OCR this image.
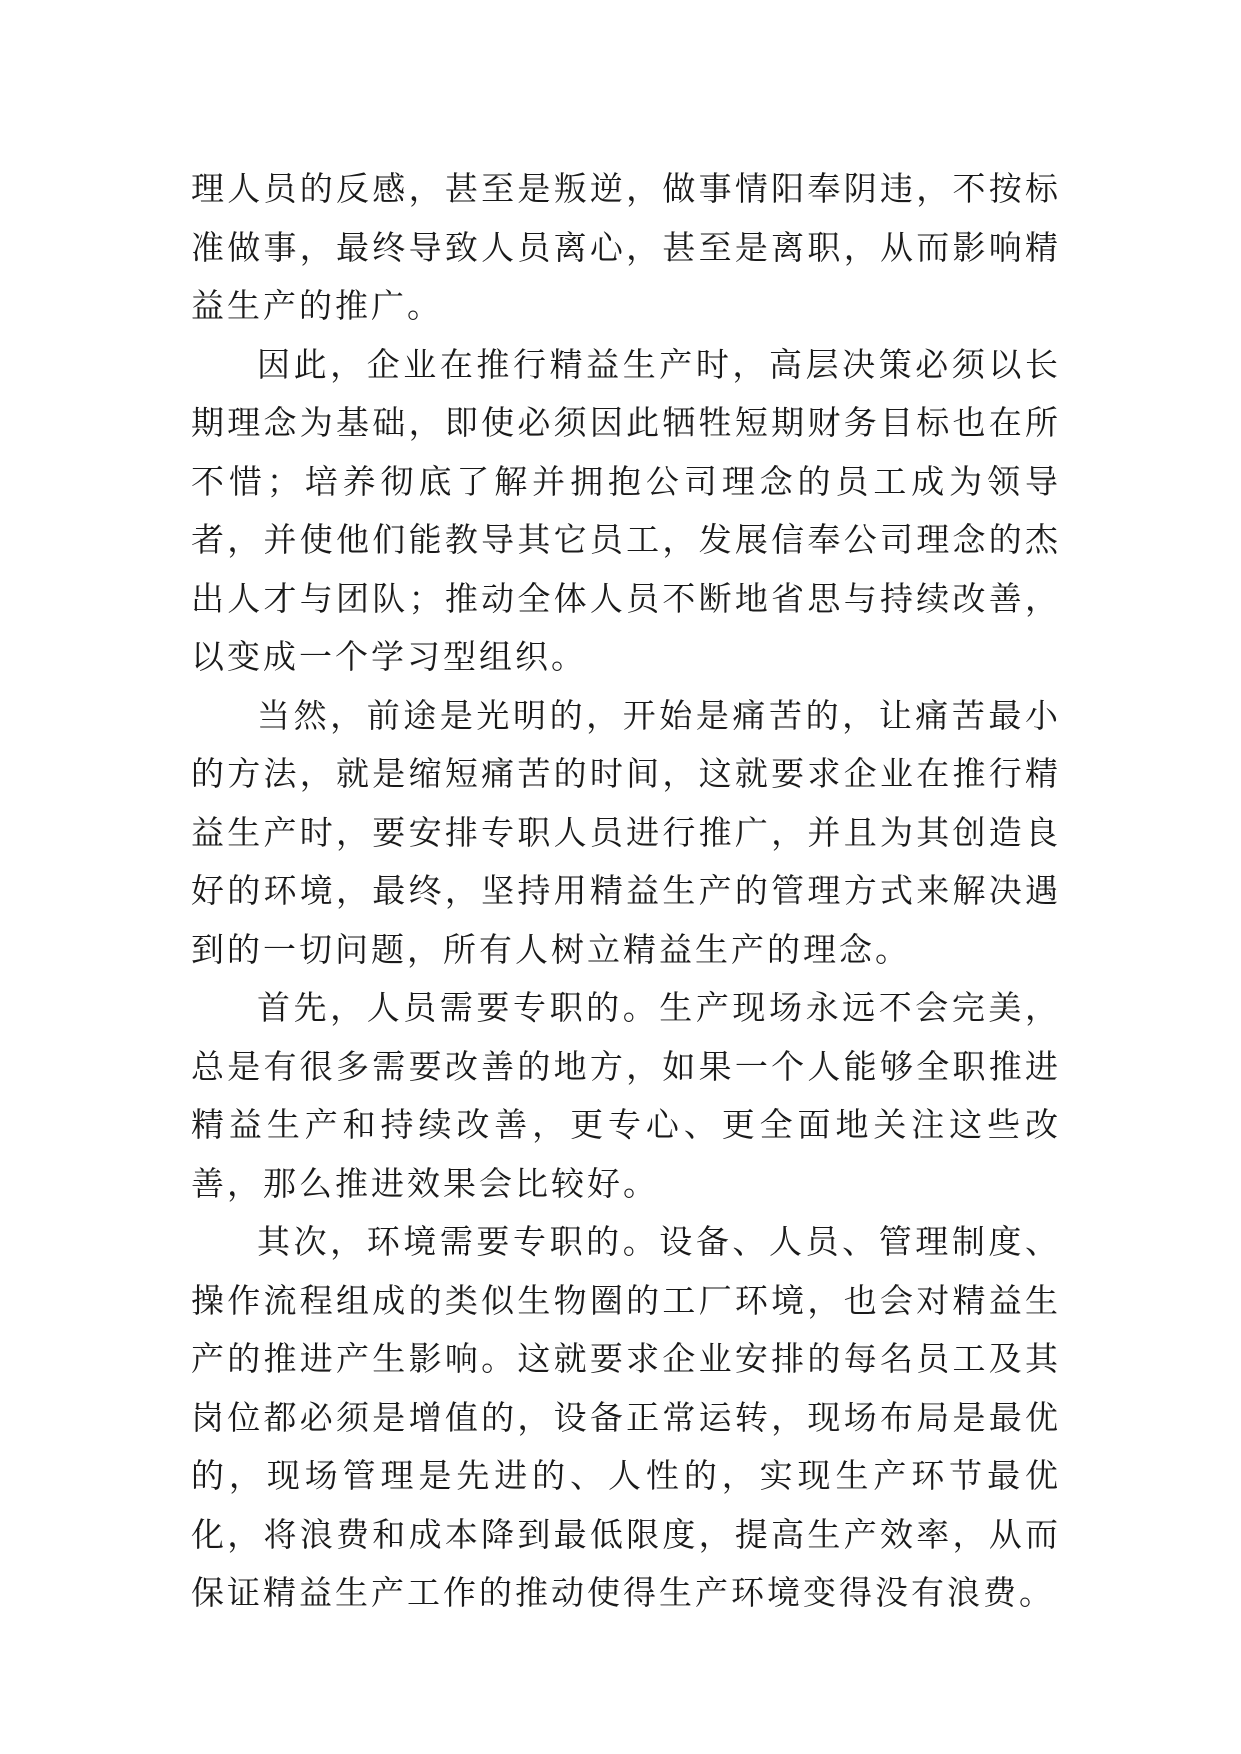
理人员的反感，甚至是叛逆，做事情阳奉阴违，不按标准做事，最终导致人员离心，甚至是离职，从而影响精益生产的推广。

因此，企业在推行精益生产时，高层决策必须以长期理念为基础，即使必须因此牺牲短期财务目标也在所不惜；培养彻底了解并拥抱公司理念的员工成为领导者，并使他们能教导其它员工，发展信奉公司理念的杰出人才与团队；推动全体人员不断地省思与持续改善，以变成一个学习型组织。

当然，前途是光明的，开始是痛苦的，让痛苦最小的方法，就是缩短痛苦的时间，这就要求企业在推行精益生产时，要安排专职人员进行推广，并且为其创造良好的环境，最终，坚持用精益生产的管理方式来解决遇到的一切问题，所有人树立精益生产的理念。

首先，人员需要专职的。生产现场永远不会完美，总是有很多需要改善的地方，如果一个人能够全职推进精益生产和持续改善，更专心、更全面地关注这些改善，那么推进效果会比较好。

其次，环境需要专职的。设备、人员、管理制度、操作流程组成的类似生物圈的工厂环境，也会对精益生产的推进产生影响。这就要求企业安排的每名员工及其岗位都必须是增值的，设备正常运转，现场布局是最优的，现场管理是先进的、人性的，实现生产环节最优化，将浪费和成本降到最低限度，提高生产效率，从而保证精益生产工作的推动使得生产环境变得没有浪费。
